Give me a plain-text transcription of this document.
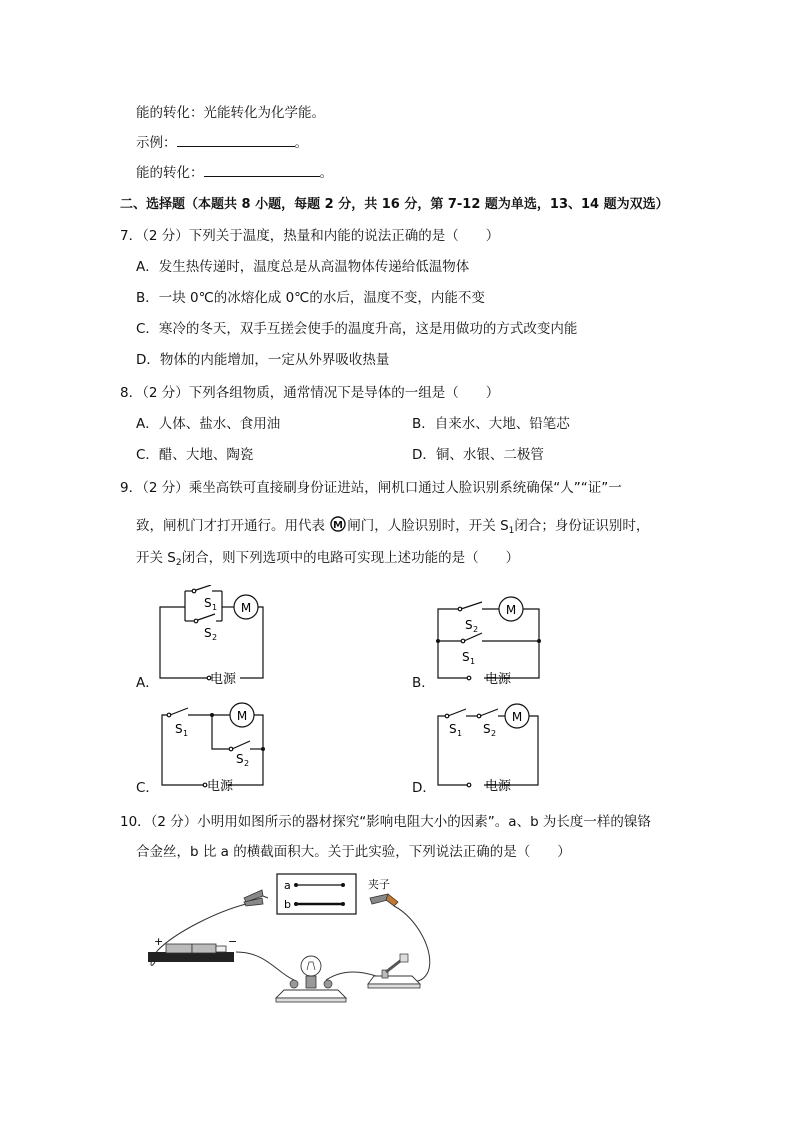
能的转化：光能转化为化学能。
示例：	。
能的转化：	。
二、选择题（本题共 8 小题，每题 2 分，共 16 分，第 7-12 题为单选，13、14 题为双选）
7．（2 分）下列关于温度，热量和内能的说法正确的是（　　）
A．发生热传递时，温度总是从高温物体传递给低温物体
B．一块 0℃的冰熔化成 0℃的水后，温度不变，内能不变
C．寒冷的冬天，双手互搓会使手的温度升高，这是用做功的方式改变内能
D．物体的内能增加，一定从外界吸收热量
8．（2 分）下列各组物质，通常情况下是导体的一组是（　　）
A．人体、盐水、食用油	B．自来水、大地、铅笔芯
C．醋、大地、陶瓷	D．铜、水银、二极管
9．（2 分）乘坐高铁可直接刷身份证进站，闸机口通过人脸识别系统确保“人”“证”一
致，闸机门才打开通行。用代表 M 闸门，人脸识别时，开关 $S_1$闭合；身份证识别时，
开关 $S_2$闭合，则下列选项中的电路可实现上述功能的是（　　）
M
S 1
S 2
电源
A．
M
S 2
S 1
电源
B．
M
S 1
S 2
电源
C．
M
S 1 S 2
电源
D．
10．（2 分）小明用如图所示的器材探究“影响电阻大小的因素”。a、b 为长度一样的镍铬
合金丝，b 比 a 的横截面积大。关于此实验，下列说法正确的是（　　）
a
b
夹子
+	−
